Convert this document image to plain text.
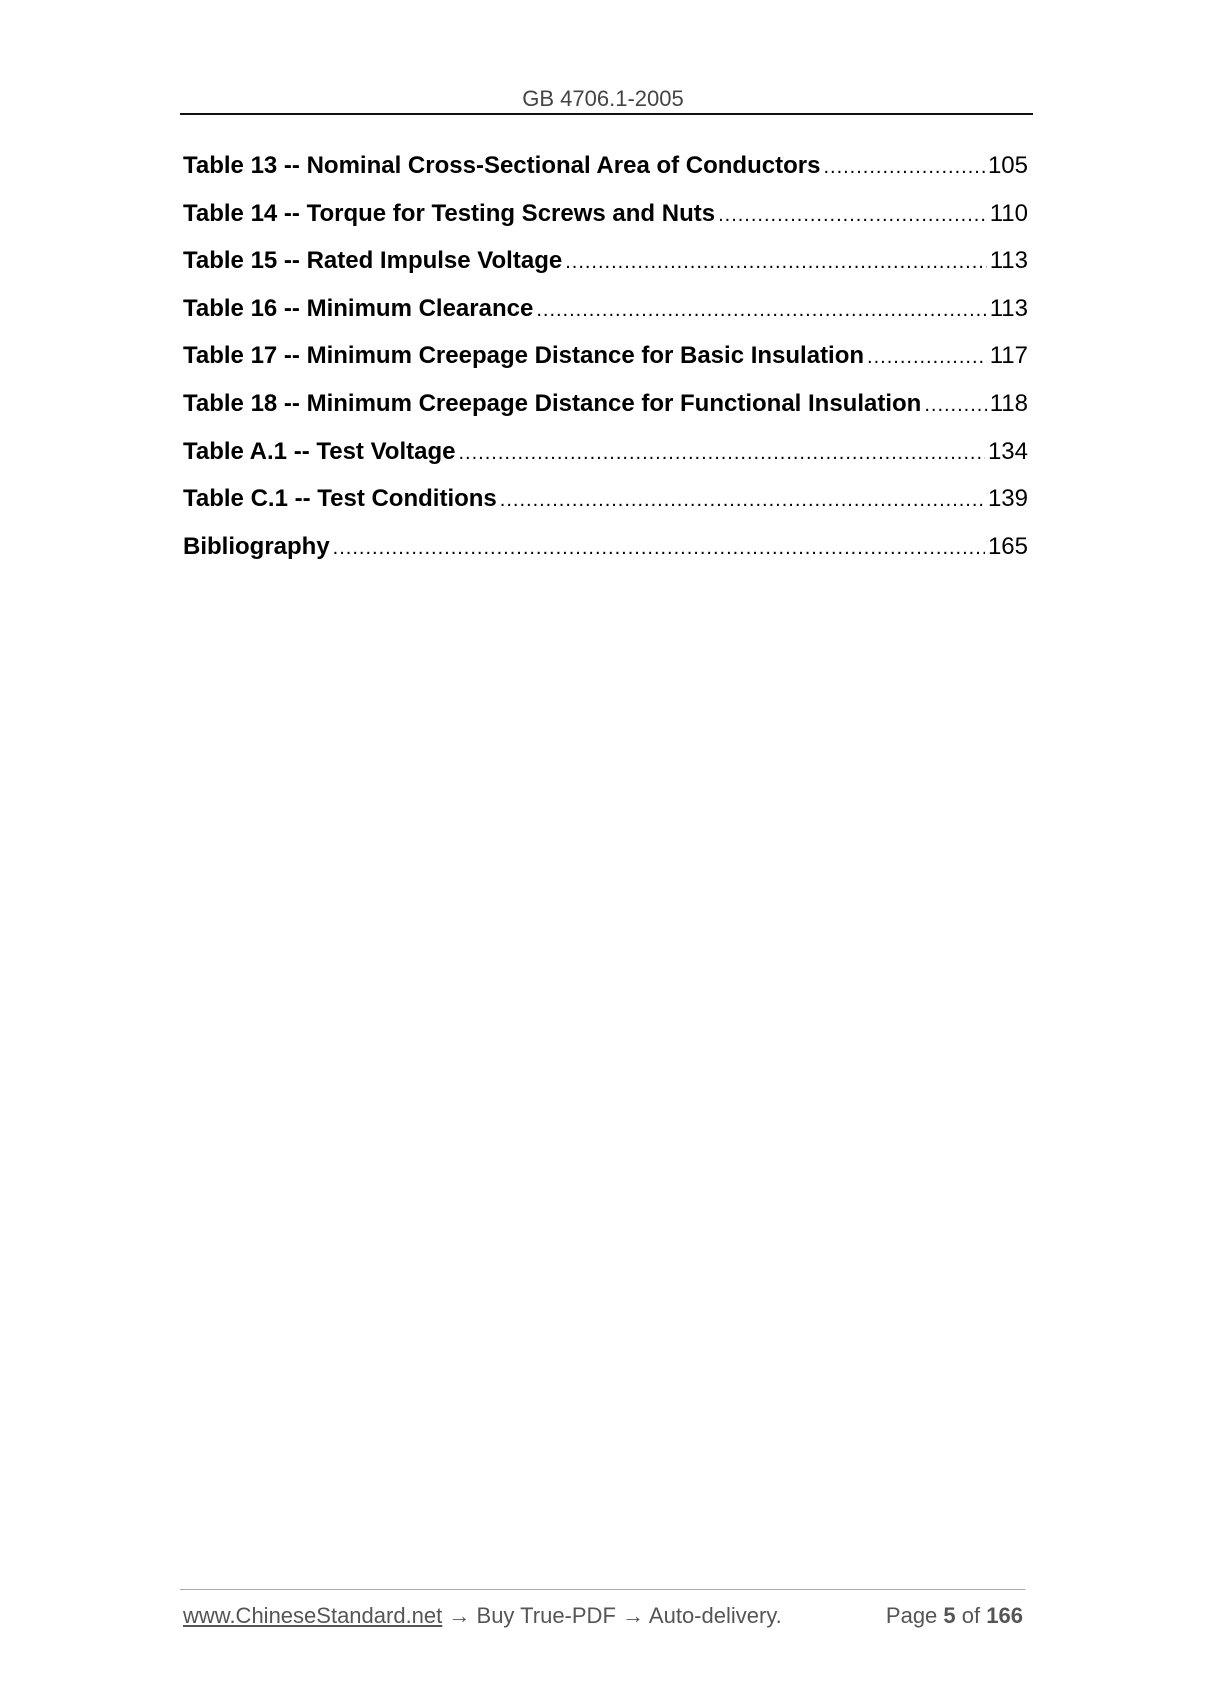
GB 4706.1-2005
Table 13 -- Nominal Cross-Sectional Area of Conductors .....	105
Table 14 -- Torque for Testing Screws and Nuts .....	110
Table 15 -- Rated Impulse Voltage .....	113
Table 16 -- Minimum Clearance .....	113
Table 17 -- Minimum Creepage Distance for Basic Insulation .....	117
Table 18 -- Minimum Creepage Distance for Functional Insulation .....	118
Table A.1 -- Test Voltage .....	134
Table C.1 -- Test Conditions .....	139
Bibliography .....	165
www.ChineseStandard.net → Buy True-PDF → Auto-delivery.	Page 5 of 166
